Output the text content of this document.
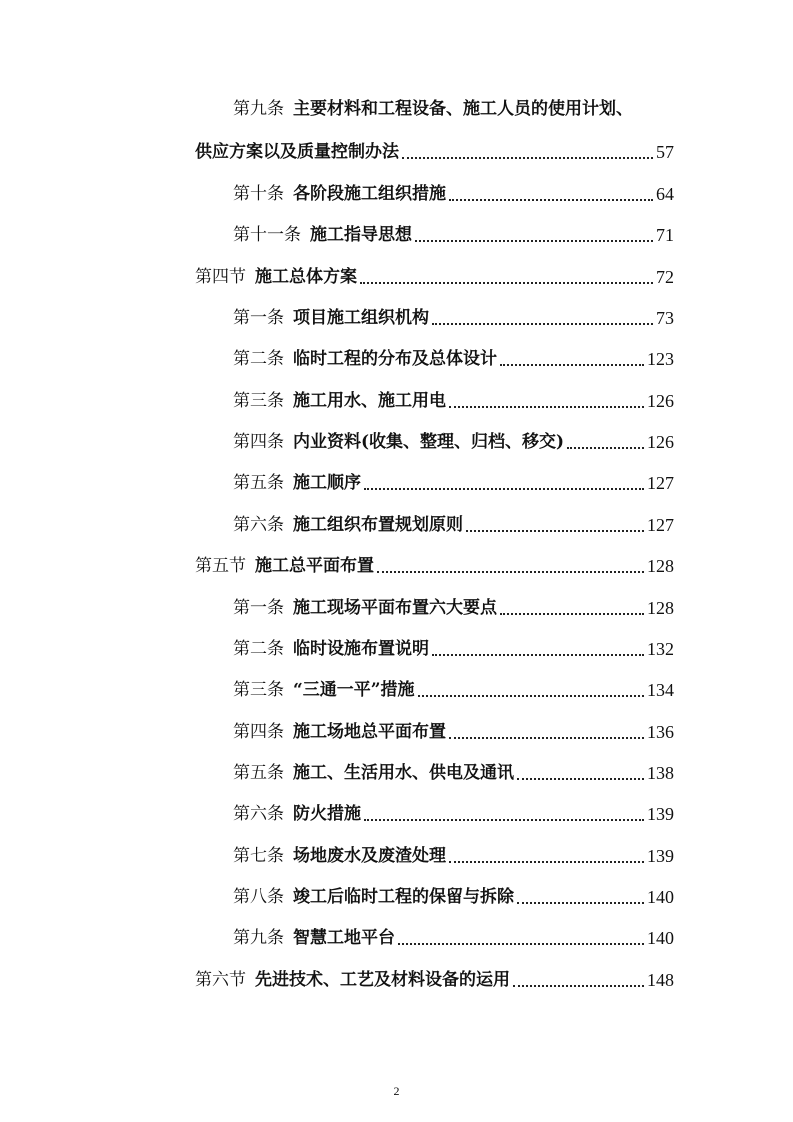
第九条 主要材料和工程设备、施工人员的使用计划、
供应方案以及质量控制办法	57
第十条 各阶段施工组织措施	64
第十一条 施工指导思想	71
第四节 施工总体方案	72
第一条 项目施工组织机构	73
第二条 临时工程的分布及总体设计	123
第三条 施工用水、施工用电	126
第四条 内业资料(收集、整理、归档、移交)	126
第五条 施工顺序	127
第六条 施工组织布置规划原则	127
第五节 施工总平面布置	128
第一条 施工现场平面布置六大要点	128
第二条 临时设施布置说明	132
第三条 “三通一平”措施	134
第四条 施工场地总平面布置	136
第五条 施工、生活用水、供电及通讯	138
第六条 防火措施	139
第七条 场地废水及废渣处理	139
第八条 竣工后临时工程的保留与拆除	140
第九条 智慧工地平台	140
第六节 先进技术、工艺及材料设备的运用	148
2
